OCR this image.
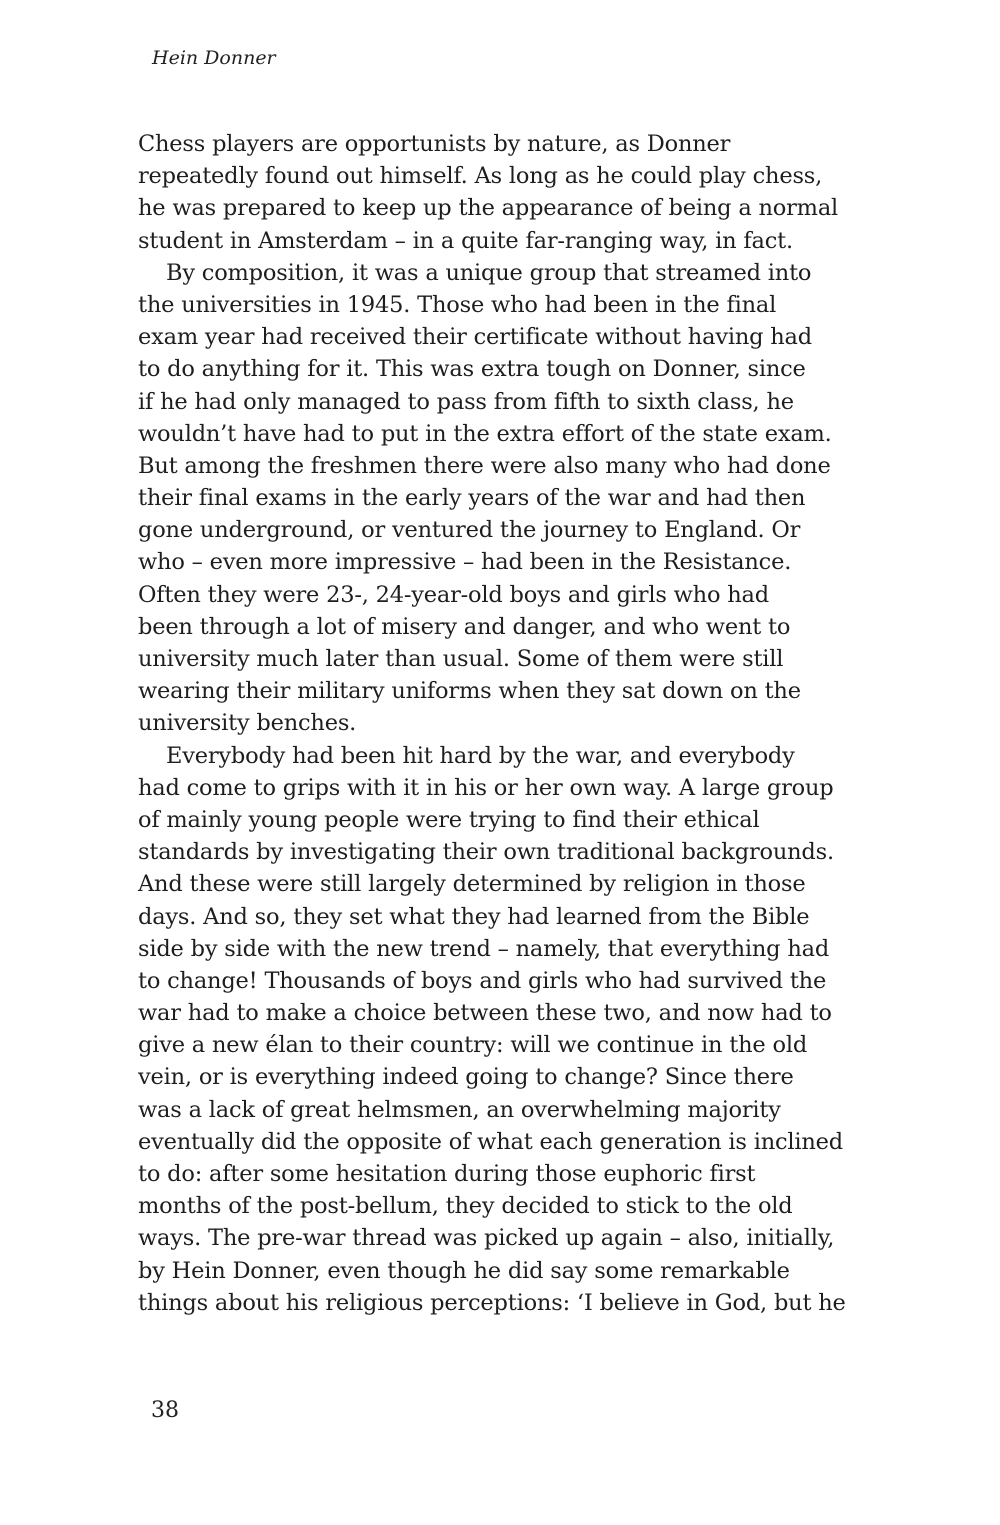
Hein Donner
Chess players are opportunists by nature, as Donner
repeatedly found out himself. As long as he could play chess,
he was prepared to keep up the appearance of being a normal
student in Amsterdam – in a quite far-ranging way, in fact.
By composition, it was a unique group that streamed into
the universities in 1945. Those who had been in the final
exam year had received their certificate without having had
to do anything for it. This was extra tough on Donner, since
if he had only managed to pass from fifth to sixth class, he
wouldn’t have had to put in the extra effort of the state exam.
But among the freshmen there were also many who had done
their final exams in the early years of the war and had then
gone underground, or ventured the journey to England. Or
who – even more impressive – had been in the Resistance.
Often they were 23-, 24-year-old boys and girls who had
been through a lot of misery and danger, and who went to
university much later than usual. Some of them were still
wearing their military uniforms when they sat down on the
university benches.
Everybody had been hit hard by the war, and everybody
had come to grips with it in his or her own way. A large group
of mainly young people were trying to find their ethical
standards by investigating their own traditional backgrounds.
And these were still largely determined by religion in those
days. And so, they set what they had learned from the Bible
side by side with the new trend – namely, that everything had
to change! Thousands of boys and girls who had survived the
war had to make a choice between these two, and now had to
give a new élan to their country: will we continue in the old
vein, or is everything indeed going to change? Since there
was a lack of great helmsmen, an overwhelming majority
eventually did the opposite of what each generation is inclined
to do: after some hesitation during those euphoric first
months of the post-bellum, they decided to stick to the old
ways. The pre-war thread was picked up again – also, initially,
by Hein Donner, even though he did say some remarkable
things about his religious perceptions: ‘I believe in God, but he
38
